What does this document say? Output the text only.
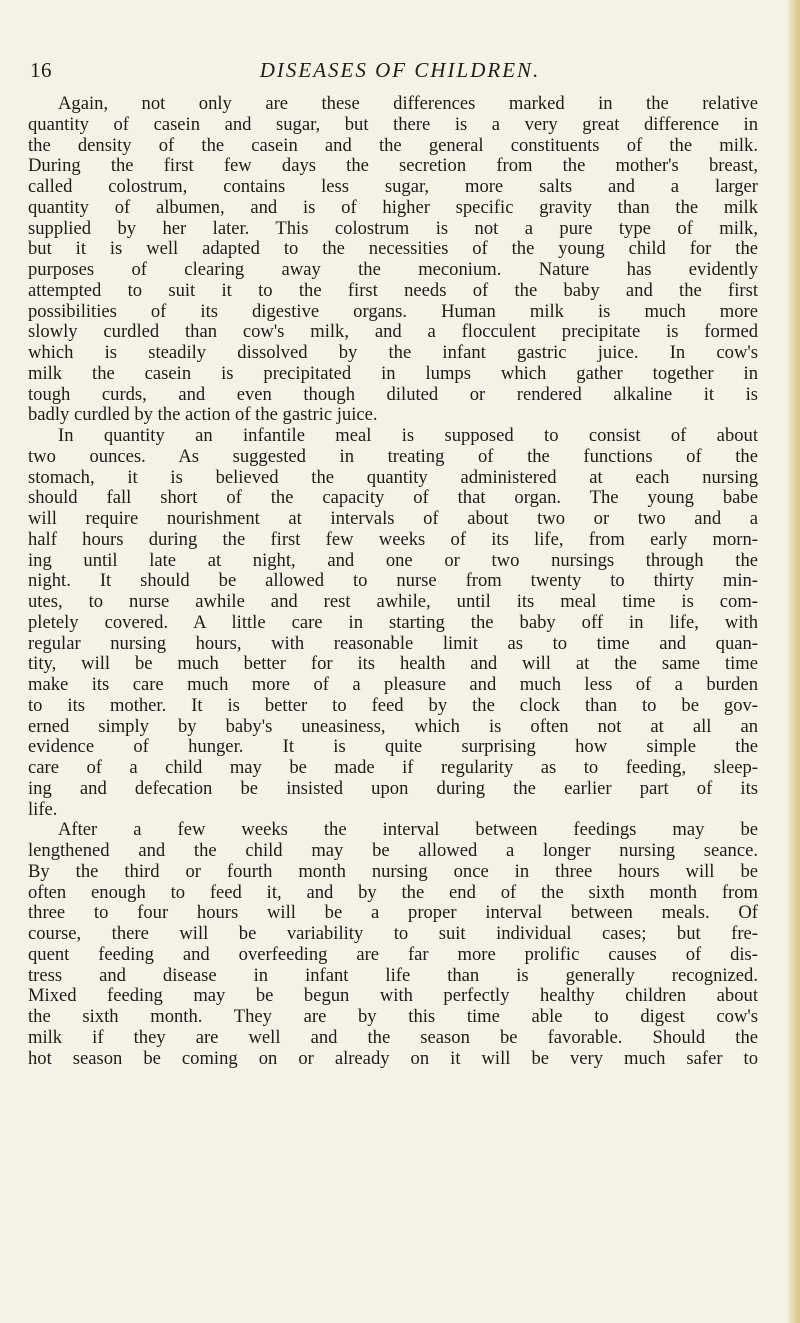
16	DISEASES OF CHILDREN.
Again, not only are these differences marked in the relative
quantity of casein and sugar, but there is a very great difference in
the density of the casein and the general constituents of the milk.
During the first few days the secretion from the mother's breast,
called colostrum, contains less sugar, more salts and a larger
quantity of albumen, and is of higher specific gravity than the milk
supplied by her later. This colostrum is not a pure type of milk,
but it is well adapted to the necessities of the young child for the
purposes of clearing away the meconium. Nature has evidently
attempted to suit it to the first needs of the baby and the first
possibilities of its digestive organs. Human milk is much more
slowly curdled than cow's milk, and a flocculent precipitate is formed
which is steadily dissolved by the infant gastric juice. In cow's
milk the casein is precipitated in lumps which gather together in
tough curds, and even though diluted or rendered alkaline it is
badly curdled by the action of the gastric juice.
In quantity an infantile meal is supposed to consist of about
two ounces. As suggested in treating of the functions of the
stomach, it is believed the quantity administered at each nursing
should fall short of the capacity of that organ. The young babe
will require nourishment at intervals of about two or two and a
half hours during the first few weeks of its life, from early morn-
ing until late at night, and one or two nursings through the
night. It should be allowed to nurse from twenty to thirty min-
utes, to nurse awhile and rest awhile, until its meal time is com-
pletely covered. A little care in starting the baby off in life, with
regular nursing hours, with reasonable limit as to time and quan-
tity, will be much better for its health and will at the same time
make its care much more of a pleasure and much less of a burden
to its mother. It is better to feed by the clock than to be gov-
erned simply by baby's uneasiness, which is often not at all an
evidence of hunger. It is quite surprising how simple the
care of a child may be made if regularity as to feeding, sleep-
ing and defecation be insisted upon during the earlier part of its
life.
After a few weeks the interval between feedings may be
lengthened and the child may be allowed a longer nursing seance.
By the third or fourth month nursing once in three hours will be
often enough to feed it, and by the end of the sixth month from
three to four hours will be a proper interval between meals. Of
course, there will be variability to suit individual cases; but fre-
quent feeding and overfeeding are far more prolific causes of dis-
tress and disease in infant life than is generally recognized.
Mixed feeding may be begun with perfectly healthy children about
the sixth month. They are by this time able to digest cow's
milk if they are well and the season be favorable. Should the
hot season be coming on or already on it will be very much safer to
